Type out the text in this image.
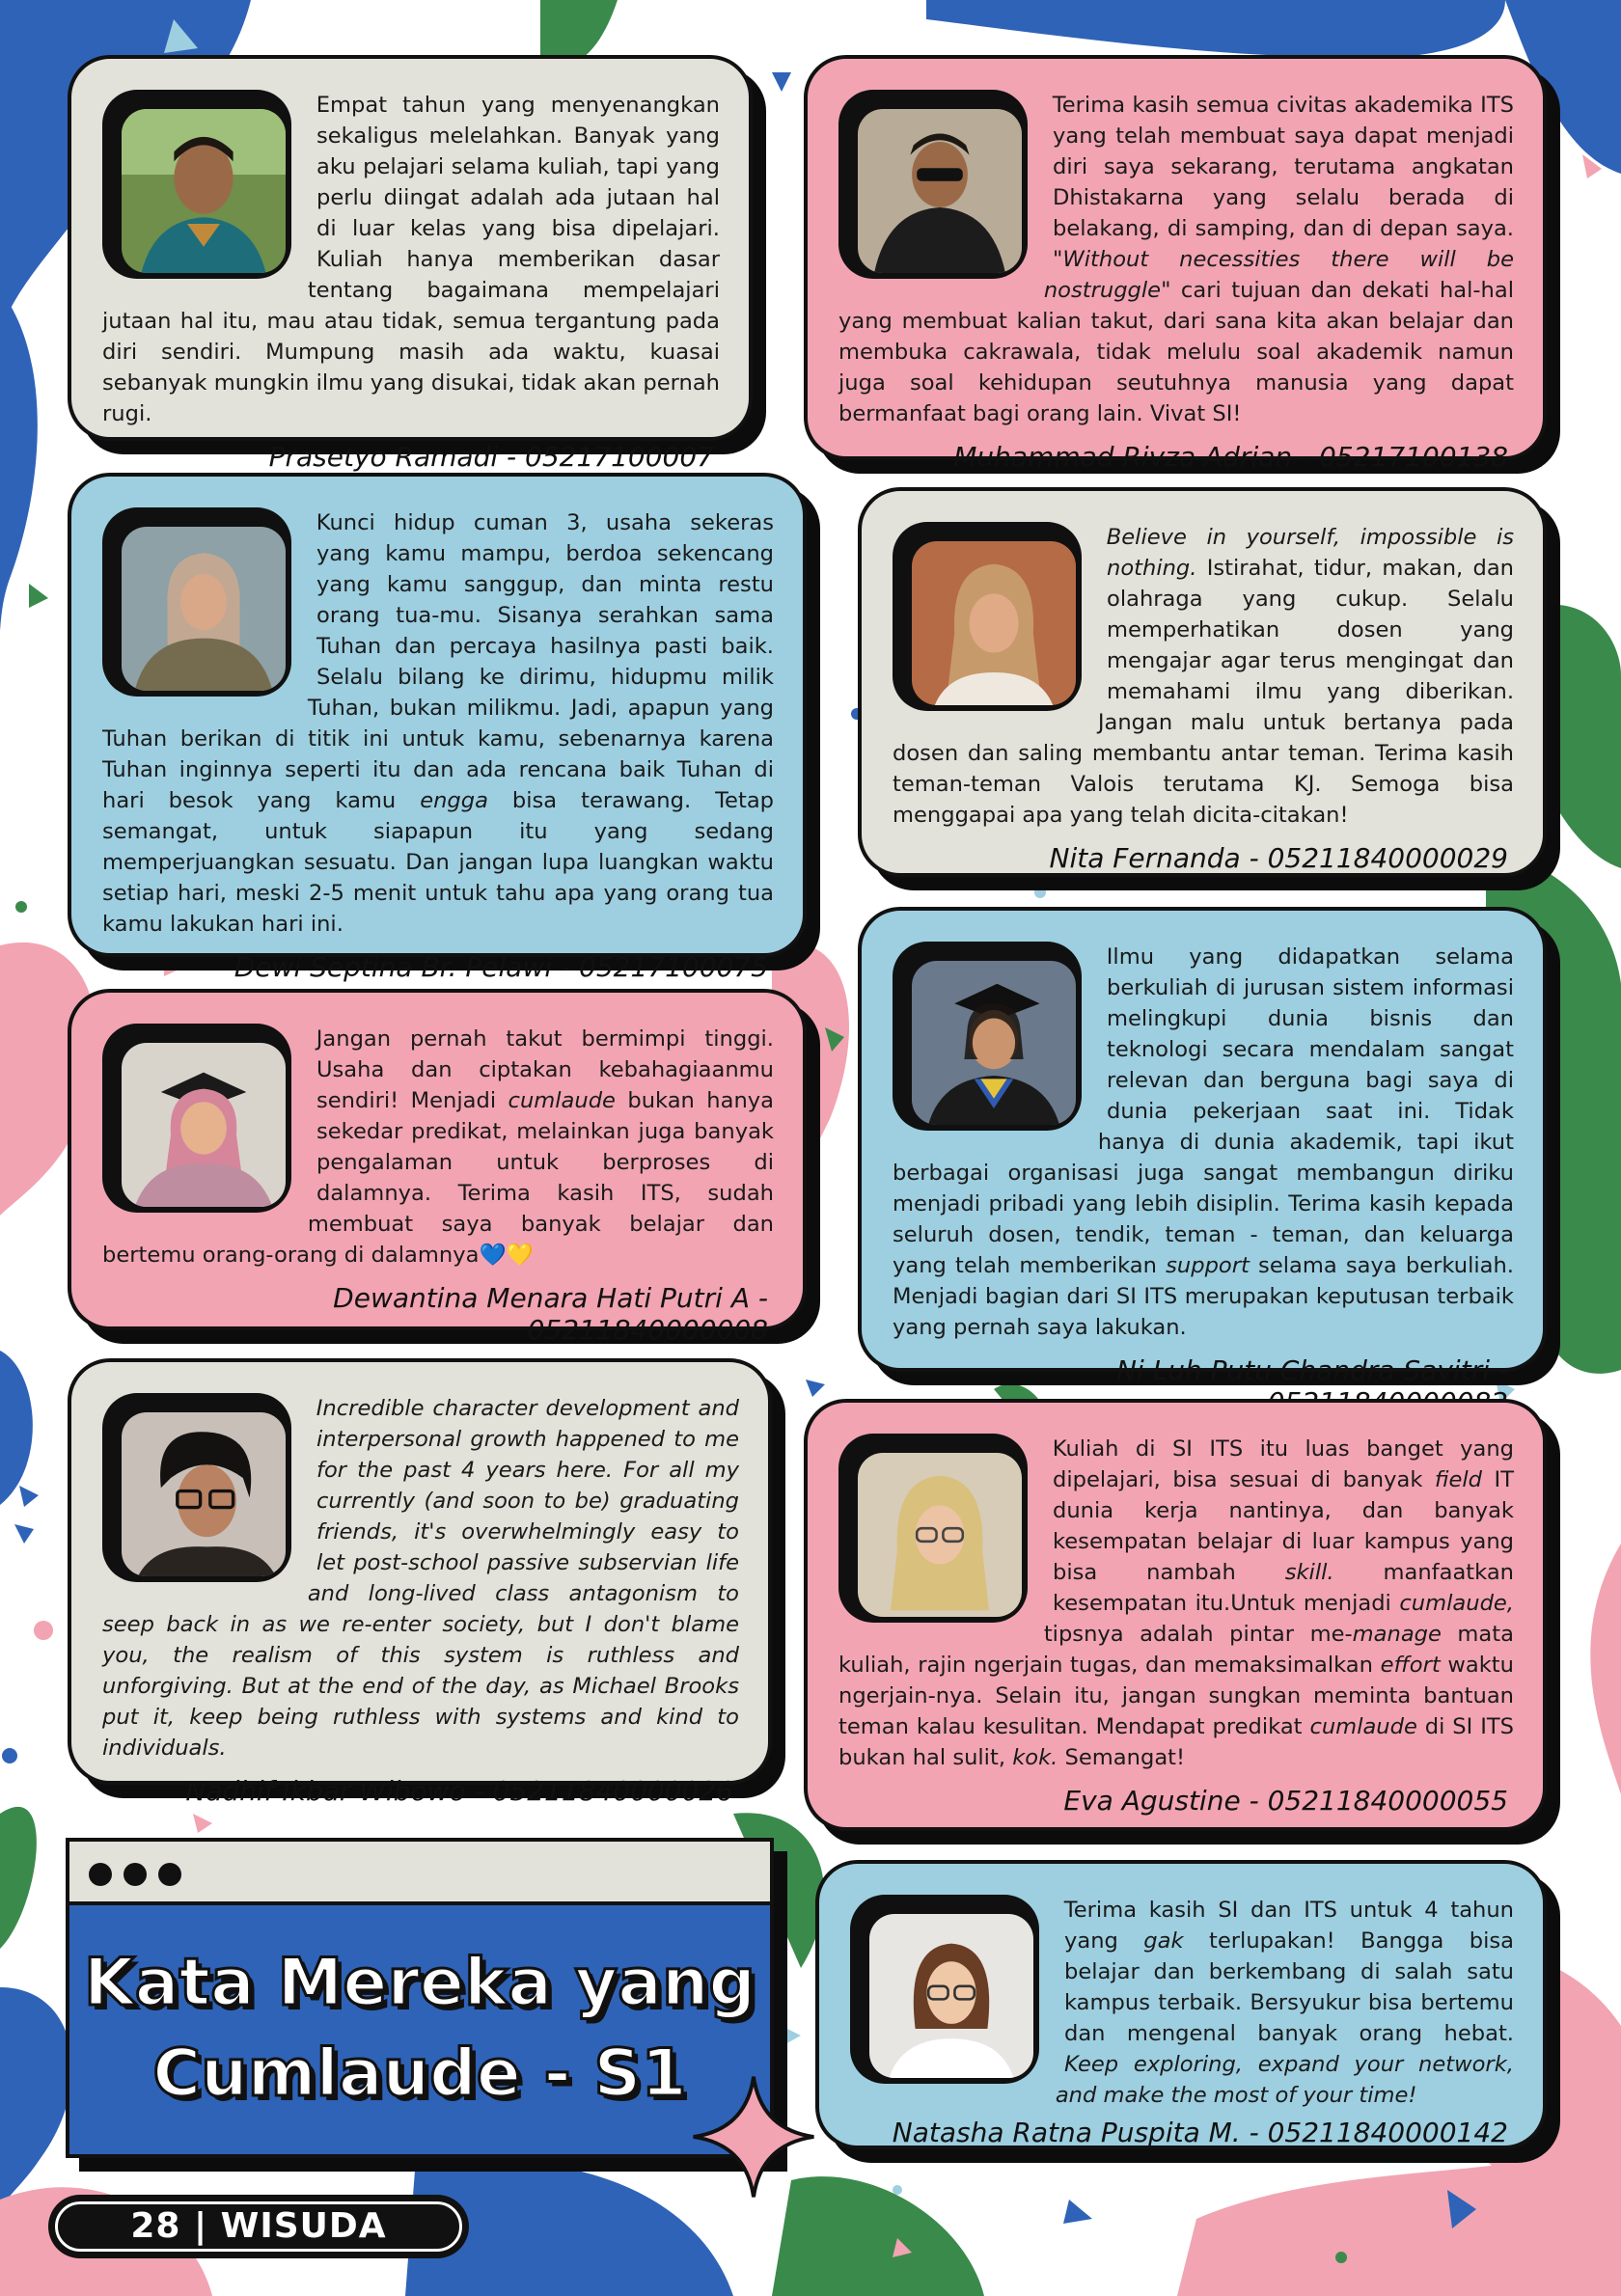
Empat tahun yang menyenangkan sekaligus melelahkan. Banyak yang aku pelajari selama kuliah, tapi yang perlu diingat adalah ada jutaan hal di luar kelas yang bisa dipelajari. Kuliah hanya memberikan dasar tentang bagaimana mempelajari jutaan hal itu, mau atau tidak, semua tergantung pada diri sendiri. Mumpung masih ada waktu, kuasai sebanyak mungkin ilmu yang disukai, tidak akan pernah rugi.

Prasetyo Ramadi - 05217100007

Terima kasih semua civitas akademika ITS yang telah membuat saya dapat menjadi diri saya sekarang, terutama angkatan Dhistakarna yang selalu berada di belakang, di samping, dan di depan saya. "Without necessities there will be nostruggle" cari tujuan dan dekati hal-hal yang membuat kalian takut, dari sana kita akan belajar dan membuka cakrawala, tidak melulu soal akademik namun juga soal kehidupan seutuhnya manusia yang dapat bermanfaat bagi orang lain. Vivat SI!

Muhammad Rivza Adrian - 05217100138

Kunci hidup cuman 3, usaha sekeras yang kamu mampu, berdoa sekencang yang kamu sanggup, dan minta restu orang tua-mu. Sisanya serahkan sama Tuhan dan percaya hasilnya pasti baik. Selalu bilang ke dirimu, hidupmu milik Tuhan, bukan milikmu. Jadi, apapun yang Tuhan berikan di titik ini untuk kamu, sebenarnya karena Tuhan inginnya seperti itu dan ada rencana baik Tuhan di hari besok yang kamu engga bisa terawang. Tetap semangat, untuk siapapun itu yang sedang memperjuangkan sesuatu. Dan jangan lupa luangkan waktu setiap hari, meski 2-5 menit untuk tahu apa yang orang tua kamu lakukan hari ini.

Dewi Septina Br. Pelawi - 05217100075

Believe in yourself, impossible is nothing. Istirahat, tidur, makan, dan olahraga yang cukup. Selalu memperhatikan dosen yang mengajar agar terus mengingat dan memahami ilmu yang diberikan. Jangan malu untuk bertanya pada dosen dan saling membantu antar teman. Terima kasih teman-teman Valois terutama KJ. Semoga bisa menggapai apa yang telah dicita-citakan!

Nita Fernanda - 05211840000029

Jangan pernah takut bermimpi tinggi. Usaha dan ciptakan kebahagiaanmu sendiri! Menjadi cumlaude bukan hanya sekedar predikat, melainkan juga banyak pengalaman untuk berproses di dalamnya. Terima kasih ITS, sudah membuat saya banyak belajar dan bertemu orang-orang di dalamnya💙💛

Dewantina Menara Hati Putri A - 05211840000008

Ilmu yang didapatkan selama berkuliah di jurusan sistem informasi melingkupi dunia bisnis dan teknologi secara mendalam sangat relevan dan berguna bagi saya di dunia pekerjaan saat ini. Tidak hanya di dunia akademik, tapi ikut berbagai organisasi juga sangat membangun diriku menjadi pribadi yang lebih disiplin. Terima kasih kepada seluruh dosen, tendik, teman - teman, dan keluarga yang telah memberikan support selama saya berkuliah. Menjadi bagian dari SI ITS merupakan keputusan terbaik yang pernah saya lakukan.

Ni Luh Putu Chandra Savitri -

Incredible character development and interpersonal growth happened to me for the past 4 years here. For all my currently (and soon to be) graduating friends, it's overwhelmingly easy to let post-school passive subservian life and long-lived class antagonism to seep back in as we re-enter society, but I don't blame you, the realism of this system is ruthless and unforgiving. But at the end of the day, as Michael Brooks put it, keep being ruthless with systems and kind to individuals.

Nadhif Ikbar Wibowo - 05211840000026

Kuliah di SI ITS itu luas banget yang dipelajari, bisa sesuai di banyak field IT dunia kerja nantinya, dan banyak kesempatan belajar di luar kampus yang bisa nambah skill. manfaatkan kesempatan itu.Untuk menjadi cumlaude, tipsnya adalah pintar me-manage mata kuliah, rajin ngerjain tugas, dan memaksimalkan effort waktu ngerjain-nya. Selain itu, jangan sungkan meminta bantuan teman kalau kesulitan. Mendapat predikat cumlaude di SI ITS bukan hal sulit, kok. Semangat!

Eva Agustine - 05211840000055

Terima kasih SI dan ITS untuk 4 tahun yang gak terlupakan! Bangga bisa belajar dan berkembang di salah satu kampus terbaik. Bersyukur bisa bertemu dan mengenal banyak orang hebat. Keep exploring, expand your network, and make the most of your time!

Natasha Ratna Puspita M. - 05211840000142
Kata Mereka yang
Cumlaude - S1
28 | WISUDA
